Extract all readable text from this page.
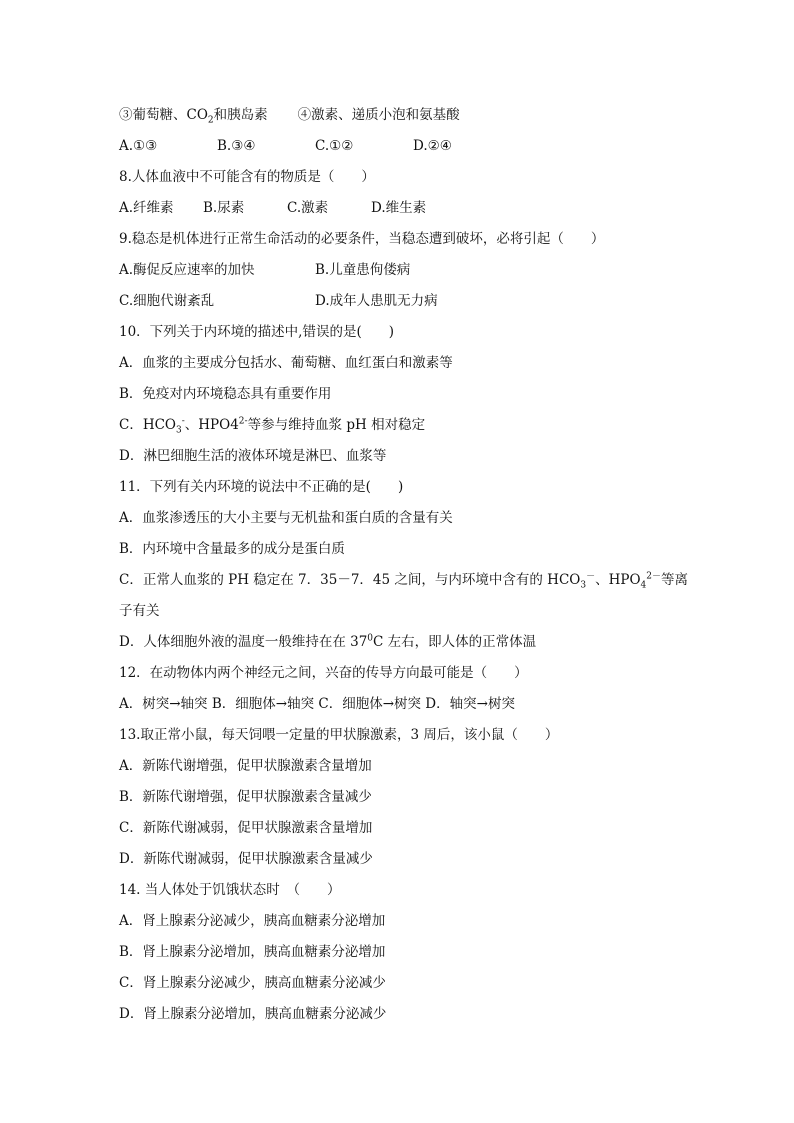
③葡萄糖、$CO_2$和胰岛素 ④激素、递质小泡和氨基酸
A.①③	B.③④	C.①②	D.②④
8.人体血液中不可能含有的物质是（　　）
A.纤维素 B.尿素	C.激素	D.维生素
9.稳态是机体进行正常生命活动的必要条件，当稳态遭到破坏，必将引起（　　）
A.酶促反应速率的加快	B.儿童患佝偻病
C.细胞代谢紊乱	D.成年人患肌无力病
10．下列关于内环境的描述中,错误的是(　　)
A．血浆的主要成分包括水、葡萄糖、血红蛋白和激素等
B．免疫对内环境稳态具有重要作用
C．$HCO_3^-$、$HPO4^{2-}$等参与维持血浆 pH 相对稳定
D．淋巴细胞生活的液体环境是淋巴、血浆等
11．下列有关内环境的说法中不正确的是(　　)
A．血浆渗透压的大小主要与无机盐和蛋白质的含量有关
B．内环境中含量最多的成分是蛋白质
C．正常人血浆的 PH 稳定在 7．35－7．45 之间，与内环境中含有的 $HCO_3^-$、$HPO_4^{2-}$等离
子有关
D．人体细胞外液的温度一般维持在在 $37^0C$ 左右，即人体的正常体温
12．在动物体内两个神经元之间，兴奋的传导方向最可能是（　　）
A．树突→轴突 B．细胞体→轴突 C．细胞体→树突 D．轴突→树突
13.取正常小鼠，每天饲喂一定量的甲状腺激素，3 周后，该小鼠（　　）
A．新陈代谢增强，促甲状腺激素含量增加
B．新陈代谢增强，促甲状腺激素含量减少
C．新陈代谢减弱，促甲状腺激素含量增加
D．新陈代谢减弱，促甲状腺激素含量减少
14. 当人体处于饥饿状态时　（　　）
A．肾上腺素分泌减少，胰高血糖素分泌增加
B．肾上腺素分泌增加，胰高血糖素分泌增加
C．肾上腺素分泌减少，胰高血糖素分泌减少
D．肾上腺素分泌增加，胰高血糖素分泌减少
